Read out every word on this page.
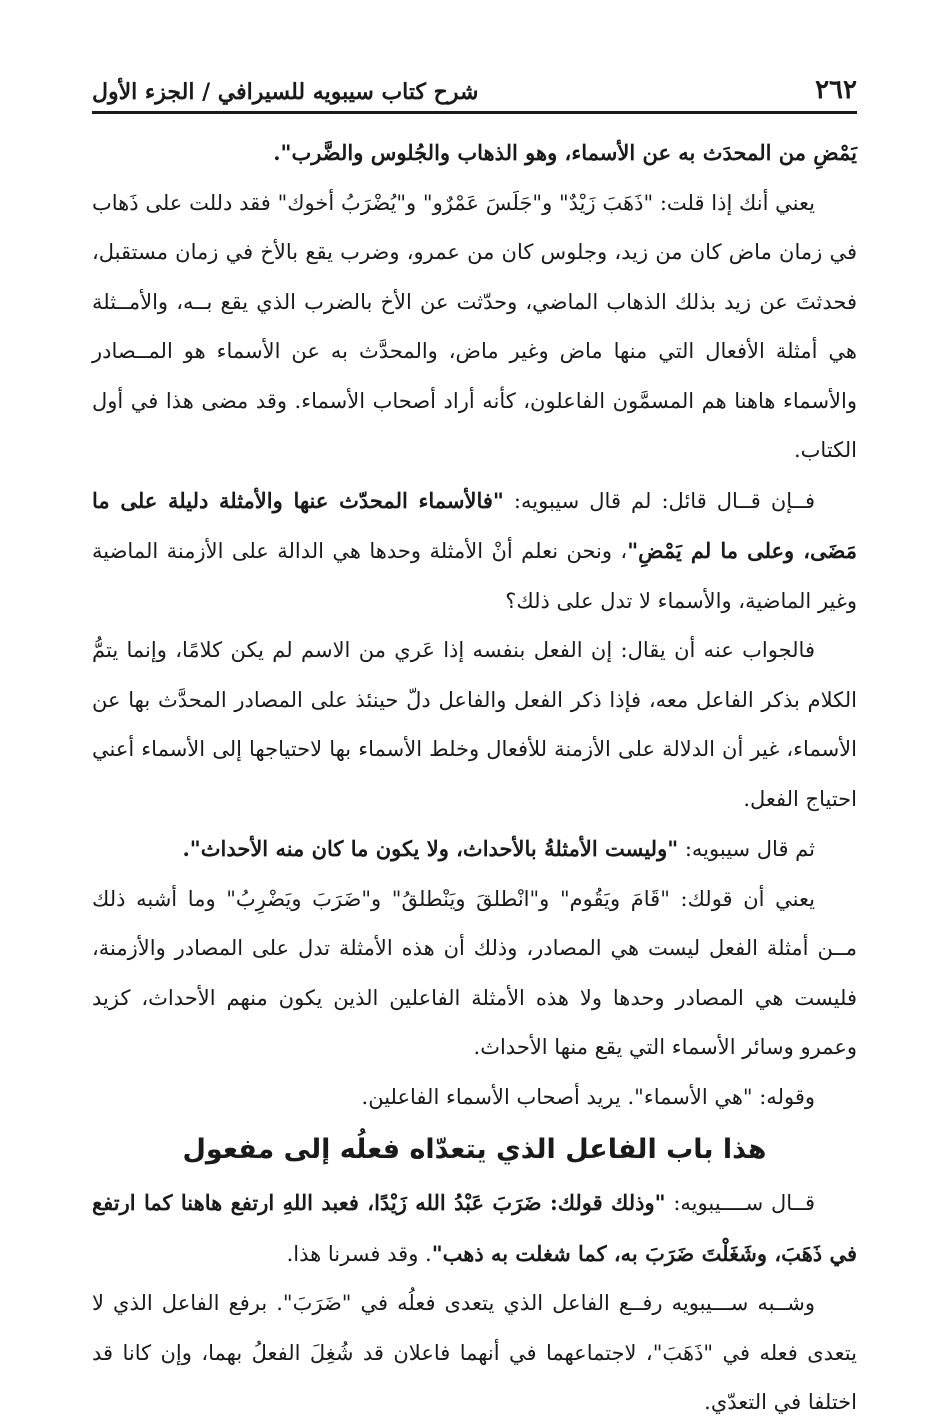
٢٦٢
شرح كتاب سيبويه للسيرافي / الجزء الأول

يَمْضِ من المحدَث به عن الأسماء، وهو الذهاب والجُلوس والضَّرب".

يعني أنك إذا قلت: "ذَهَبَ زَيْدٌ" و"جَلَسَ عَمْرٌو" و"يُضْرَبُ أخوك" فقد دللت على ذَهاب في زمان ماض كان من زيد، وجلوس كان من عمرو، وضرب يقع بالأخ في زمان مستقبل، فحدثتَ عن زيد بذلك الذهاب الماضي، وحدّثت عن الأخ بالضرب الذي يقع بــه، والأمــثلة هي أمثلة الأفعال التي منها ماض وغير ماض، والمحدَّث به عن الأسماء هو المــصادر والأسماء هاهنا هم المسمَّون الفاعلون، كأنه أراد أصحاب الأسماء. وقد مضى هذا في أول الكتاب.

فــإن قــال قائل: لم قال سيبويه: "فالأسماء المحدّث عنها والأمثلة دليلة على ما مَضَى، وعلى ما لم يَمْضِ"، ونحن نعلم أنْ الأمثلة وحدها هي الدالة على الأزمنة الماضية وغير الماضية، والأسماء لا تدل على ذلك؟

فالجواب عنه أن يقال: إن الفعل بنفسه إذا عَري من الاسم لم يكن كلامًا، وإنما يتمُّ الكلام بذكر الفاعل معه، فإذا ذكر الفعل والفاعل دلّ حينئذ على المصادر المحدَّث بها عن الأسماء، غير أن الدلالة على الأزمنة للأفعال وخلط الأسماء بها لاحتياجها إلى الأسماء أعني احتياج الفعل.

ثم قال سيبويه: "وليست الأمثلةُ بالأحداث، ولا يكون ما كان منه الأحداث".

يعني أن قولك: "قَامَ ويَقُوم" و"انْطلقَ ويَنْطلقُ" و"ضَرَبَ ويَضْرِبُ" وما أشبه ذلك مــن أمثلة الفعل ليست هي المصادر، وذلك أن هذه الأمثلة تدل على المصادر والأزمنة، فليست هي المصادر وحدها ولا هذه الأمثلة الفاعلين الذين يكون منهم الأحداث، كزيد وعمرو وسائر الأسماء التي يقع منها الأحداث.

وقوله: "هي الأسماء". يريد أصحاب الأسماء الفاعلين.

هذا باب الفاعل الذي يتعدّاه فعلُه إلى مفعول

قــال ســــيبويه: "وذلك قولك: ضَرَبَ عَبْدُ الله زَيْدًا، فعبد اللهِ ارتفع هاهنا كما ارتفع في ذَهَبَ، وشَغَلْتَ ضَرَبَ به، كما شغلت به ذهب". وقد فسرنا هذا.

وشــبه ســـيبويه رفــع الفاعل الذي يتعدى فعلُه في "ضَرَبَ". برفع الفاعل الذي لا يتعدى فعله في "ذَهَبَ"، لاجتماعهما في أنهما فاعلان قد شُغِلَ الفعلُ بهما، وإن كانا قد اختلفا في التعدّي.
